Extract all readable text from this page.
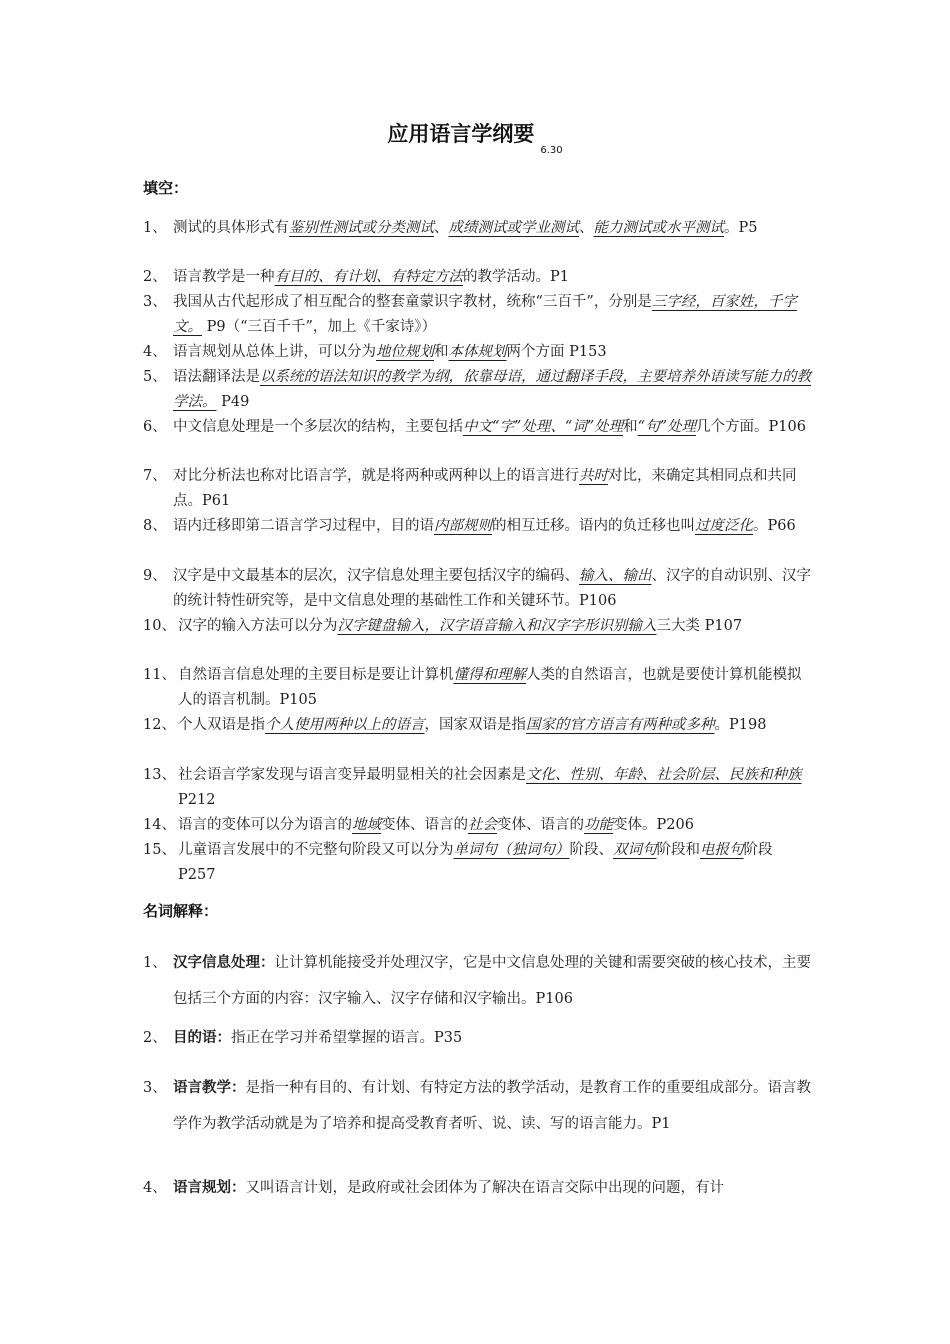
应用语言学纲要$_{6.30}$
填空：
1、 测试的具体形式有鉴别性测试或分类测试、成绩测试或学业测试、能力测试或水平测试。P5
2、 语言教学是一种有目的、有计划、有特定方法的教学活动。P1
3、 我国从古代起形成了相互配合的整套童蒙识字教材，统称“三百千”，分别是三字经，百家姓，千字文。 P9（“三百千千”，加上《千家诗》）
4、 语言规划从总体上讲，可以分为地位规划和本体规划两个方面 P153
5、 语法翻译法是以系统的语法知识的教学为纲，依靠母语，通过翻译手段，主要培养外语读写能力的教学法。 P49
6、 中文信息处理是一个多层次的结构，主要包括中文“字”处理、“词”处理和“句”处理几个方面。P106
7、 对比分析法也称对比语言学，就是将两种或两种以上的语言进行共时对比，来确定其相同点和共同点。P61
8、 语内迁移即第二语言学习过程中，目的语内部规则的相互迁移。语内的负迁移也叫过度泛化。P66
9、 汉字是中文最基本的层次，汉字信息处理主要包括汉字的编码、输入、输出、汉字的自动识别、汉字的统计特性研究等，是中文信息处理的基础性工作和关键环节。P106
10、 汉字的输入方法可以分为汉字键盘输入，汉字语音输入和汉字字形识别输入三大类 P107
11、 自然语言信息处理的主要目标是要让计算机懂得和理解人类的自然语言，也就是要使计算机能模拟人的语言机制。P105
12、 个人双语是指个人使用两种以上的语言，国家双语是指国家的官方语言有两种或多种。P198
13、 社会语言学家发现与语言变异最明显相关的社会因素是文化、性别、年龄、社会阶层、民族和种族P212
14、 语言的变体可以分为语言的地域变体、语言的社会变体、语言的功能变体。P206
15、 儿童语言发展中的不完整句阶段又可以分为单词句（独词句）阶段、双词句阶段和电报句阶段 P257
名词解释：
1、 汉字信息处理：让计算机能接受并处理汉字，它是中文信息处理的关键和需要突破的核心技术，主要包括三个方面的内容：汉字输入、汉字存储和汉字输出。P106
2、 目的语：指正在学习并希望掌握的语言。P35
3、 语言教学：是指一种有目的、有计划、有特定方法的教学活动，是教育工作的重要组成部分。语言教学作为教学活动就是为了培养和提高受教育者听、说、读、写的语言能力。P1
4、 语言规划：又叫语言计划，是政府或社会团体为了解决在语言交际中出现的问题，有计
